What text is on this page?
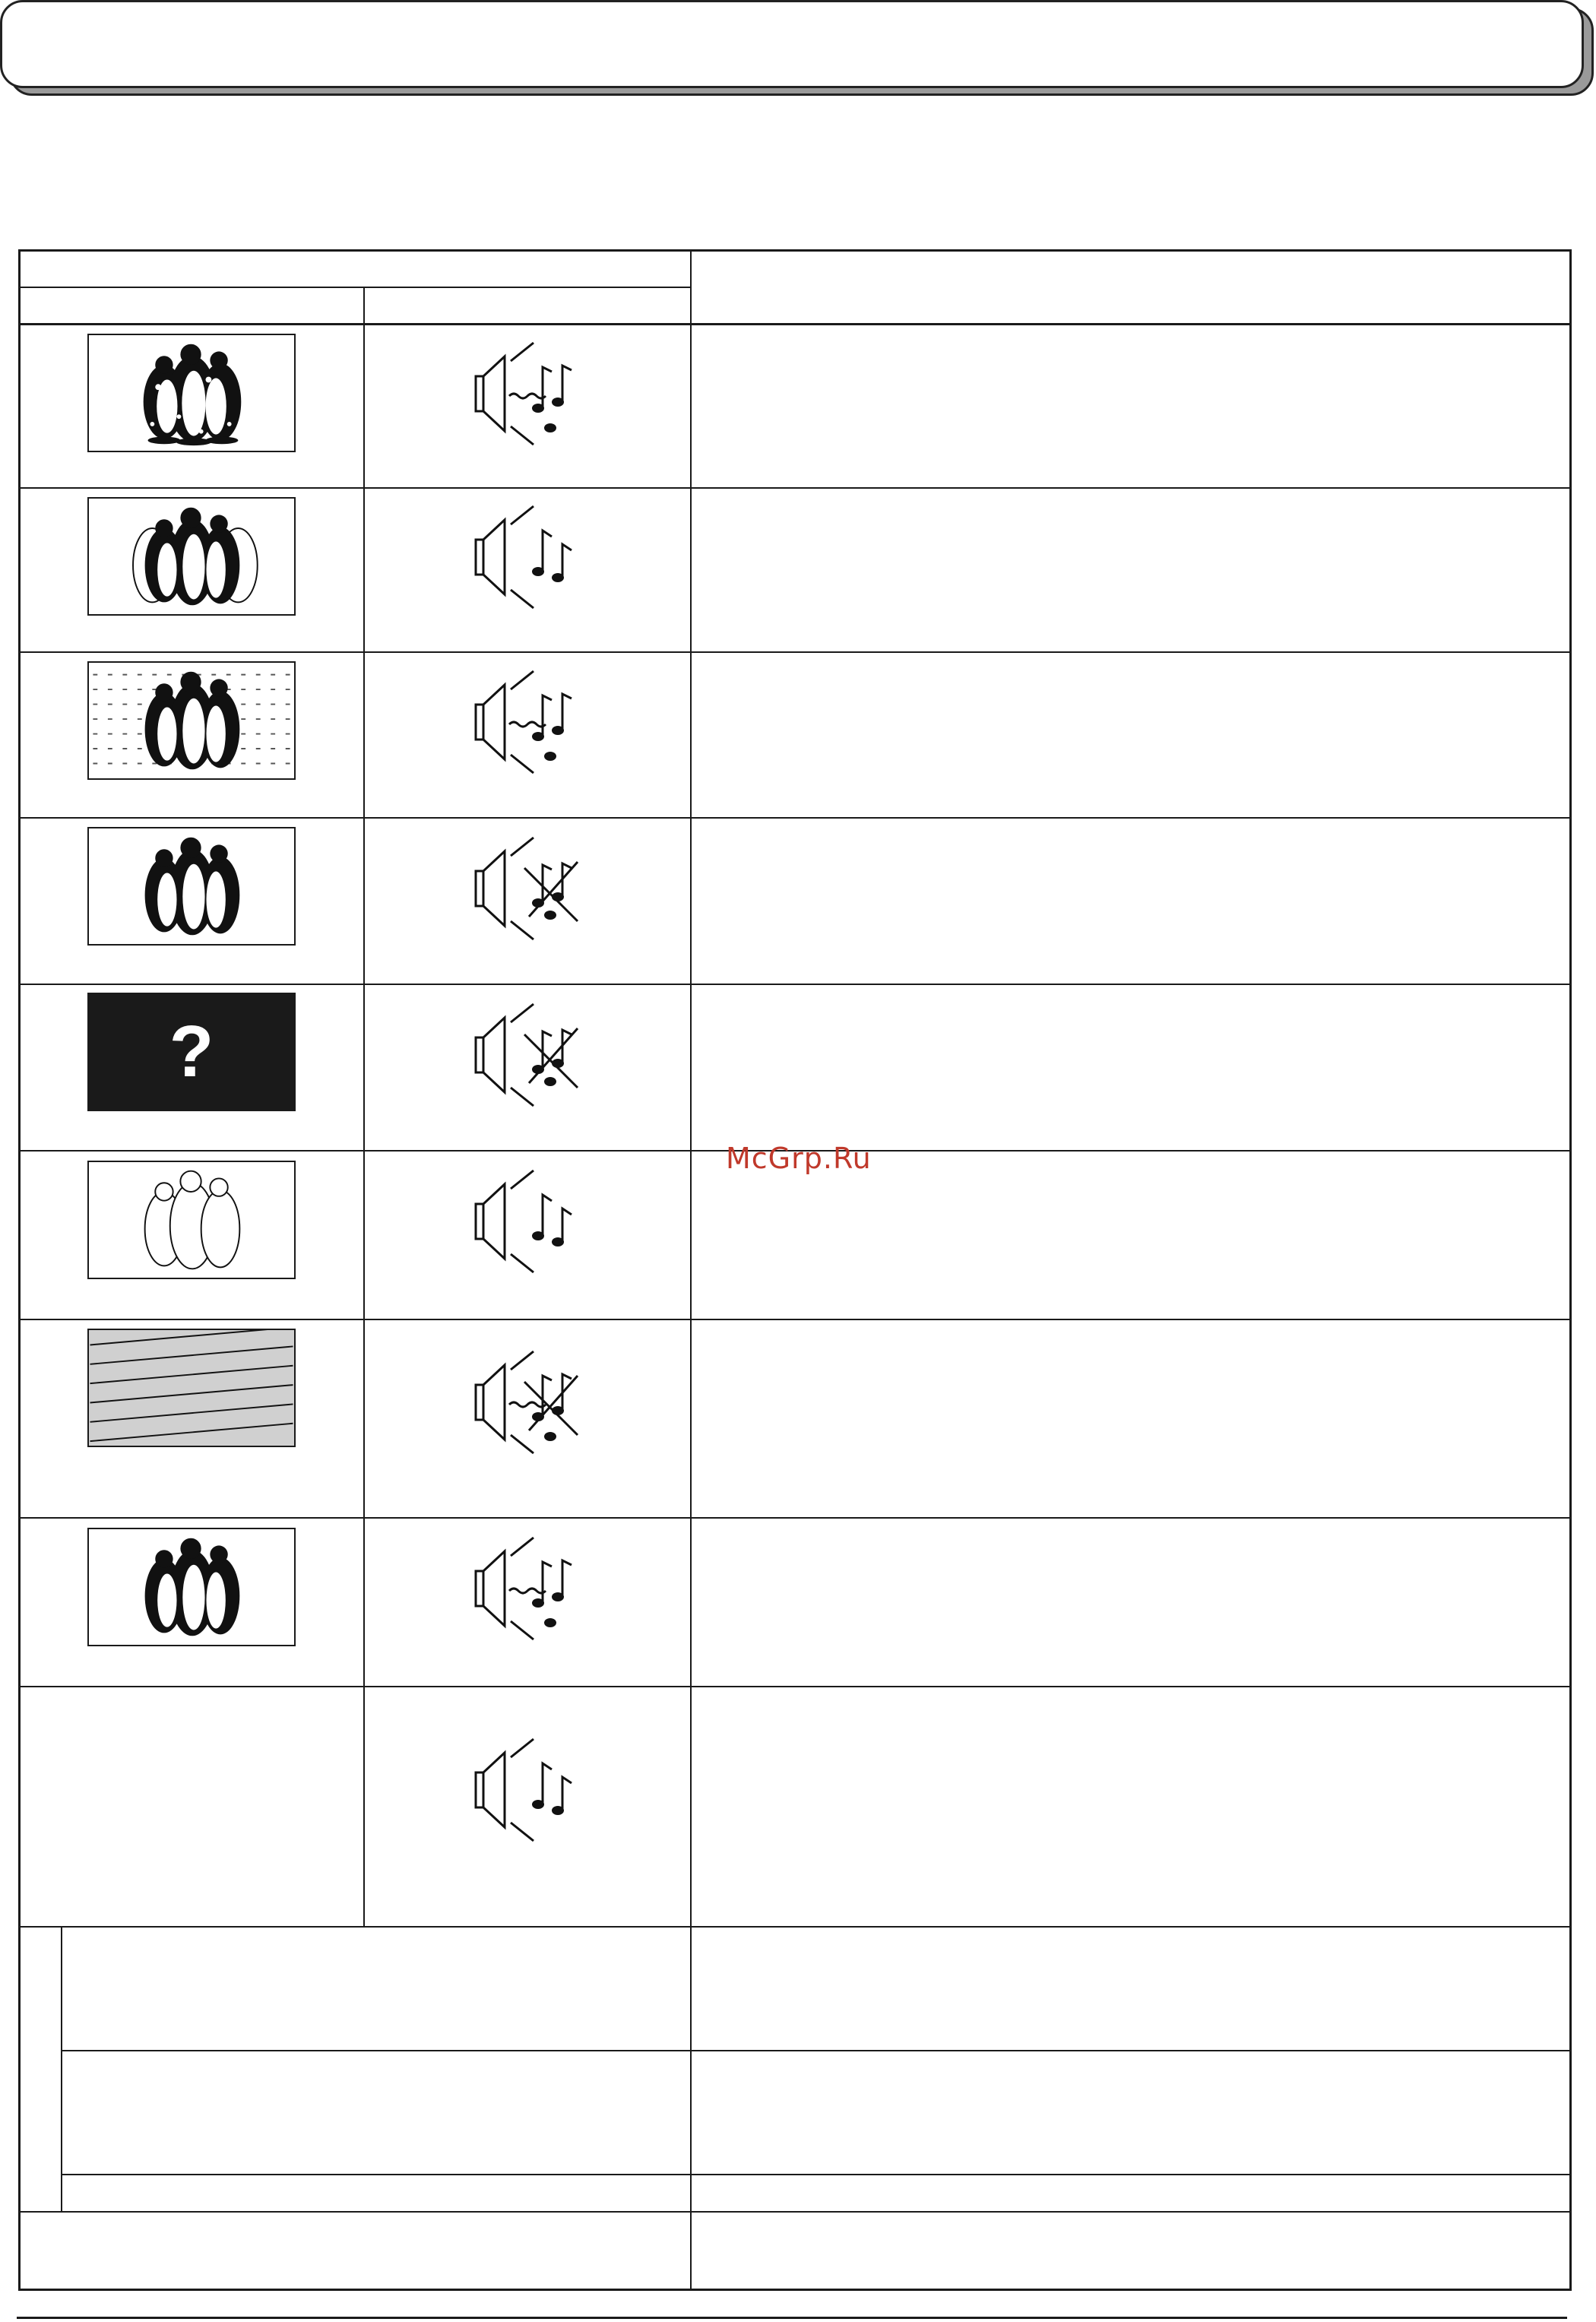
?
McGrp.Ru
